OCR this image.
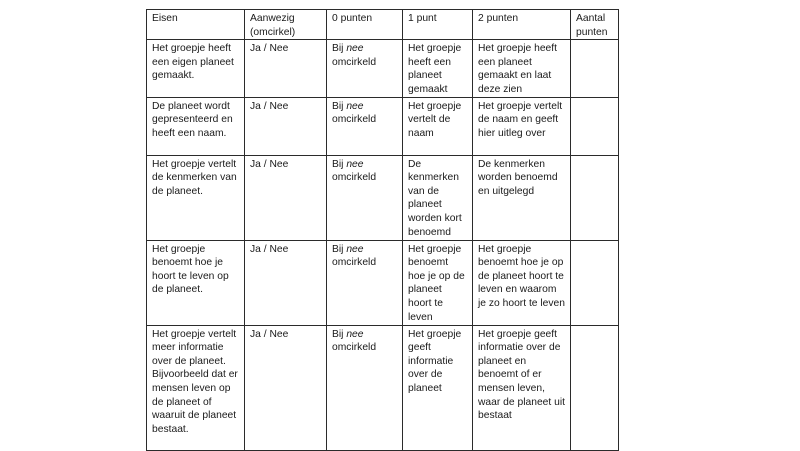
Eisen	Aanwezig (omcirkel)	0 punten	1 punt	2 punten	Aantal punten
Het groepje heeft een eigen planeet gemaakt.	Ja / Nee	Bij nee omcirkeld	Het groepje heeft een planeet gemaakt	Het groepje heeft een planeet gemaakt en laat deze zien	
De planeet wordt gepresenteerd en heeft een naam.	Ja / Nee	Bij nee omcirkeld	Het groepje vertelt de naam	Het groepje vertelt de naam en geeft hier uitleg over	
Het groepje vertelt de kenmerken van de planeet.	Ja / Nee	Bij nee omcirkeld	De kenmerken van de planeet worden kort benoemd	De kenmerken worden benoemd en uitgelegd	
Het groepje benoemt hoe je hoort te leven op de planeet.	Ja / Nee	Bij nee omcirkeld	Het groepje benoemt hoe je op de planeet hoort te leven	Het groepje benoemt hoe je op de planeet hoort te leven en waarom je zo hoort te leven	
Het groepje vertelt meer informatie over de planeet. Bijvoorbeeld dat er mensen leven op de planeet of waaruit de planeet bestaat.	Ja / Nee	Bij nee omcirkeld	Het groepje geeft informatie over de planeet	Het groepje geeft informatie over de planeet en benoemt of er mensen leven, waar de planeet uit bestaat	
